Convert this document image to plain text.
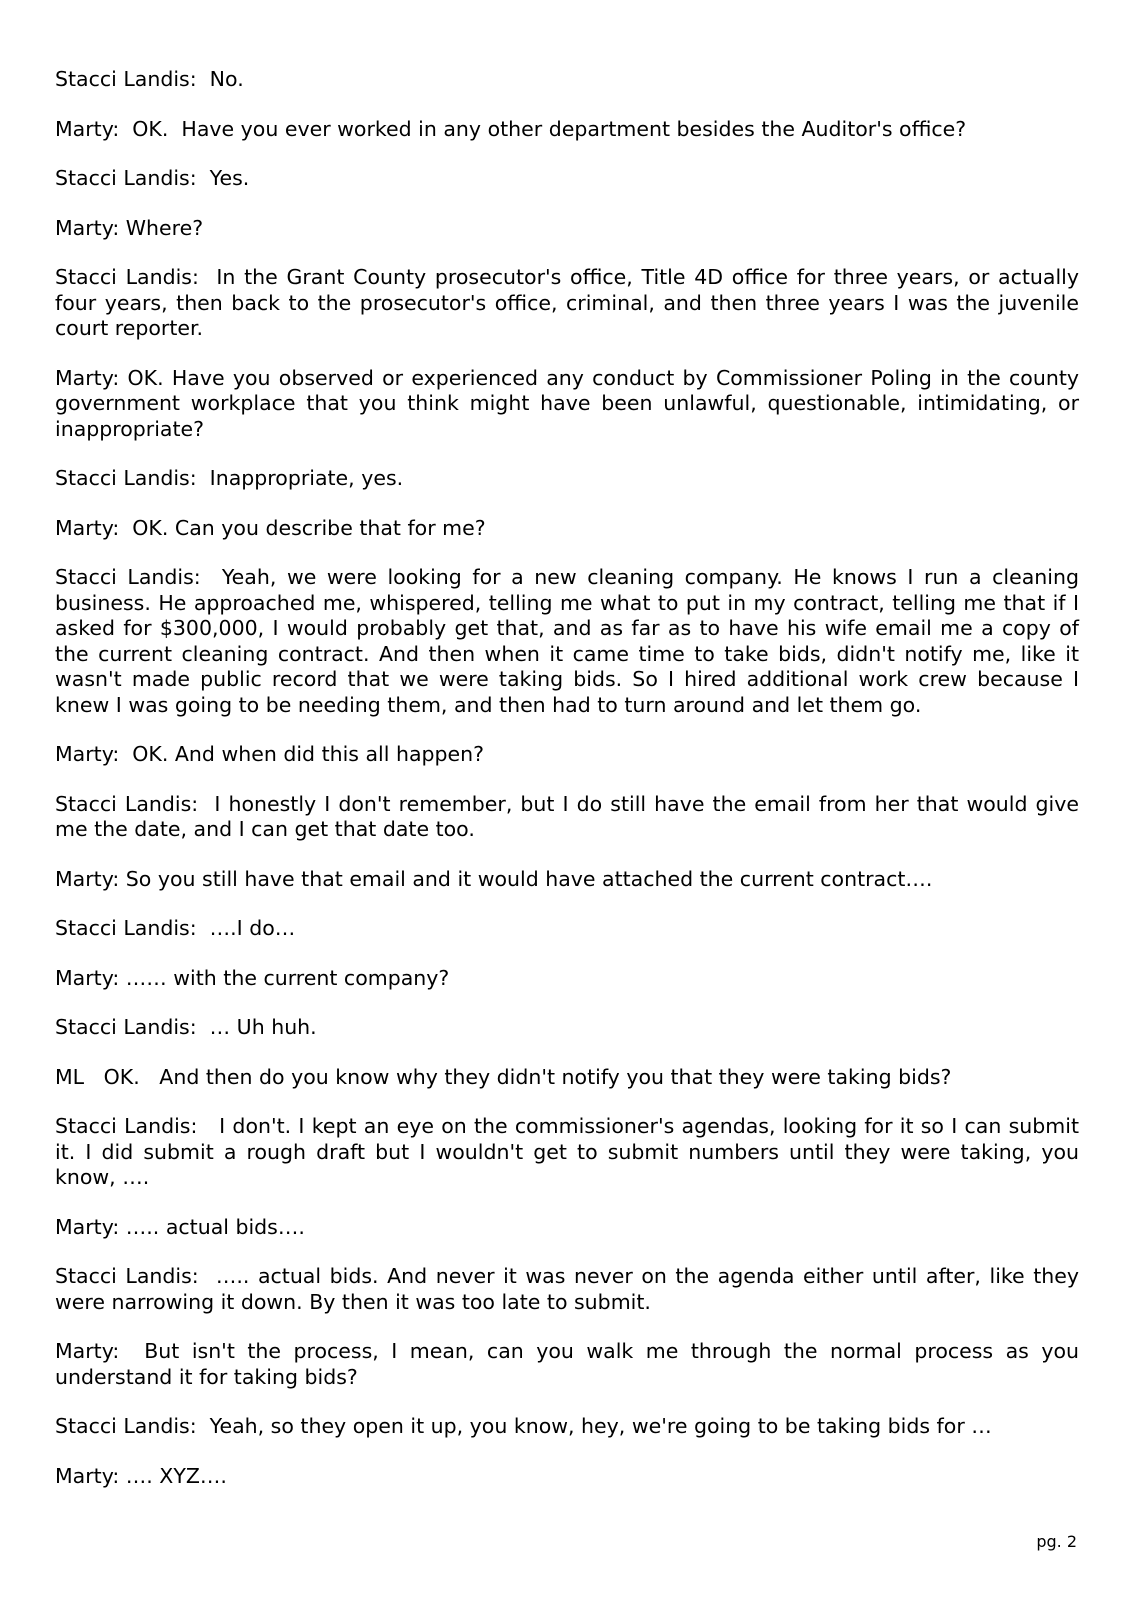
Stacci Landis:  No.

Marty:  OK.  Have you ever worked in any other department besides the Auditor's office?

Stacci Landis:  Yes.

Marty: Where?

Stacci Landis:  In the Grant County prosecutor's office, Title 4D office for three years, or actually four years, then back to the prosecutor's office, criminal, and then three years I was the juvenile court reporter.

Marty: OK. Have you observed or experienced any conduct by Commissioner Poling in the county government workplace that you think might have been unlawful, questionable, intimidating, or inappropriate?

Stacci Landis:  Inappropriate, yes.

Marty:  OK. Can you describe that for me?

Stacci Landis:  Yeah, we were looking for a new cleaning company. He knows I run a cleaning business. He approached me, whispered, telling me what to put in my contract, telling me that if I asked for $300,000, I would probably get that, and as far as to have his wife email me a copy of the current cleaning contract. And then when it came time to take bids, didn't notify me, like it wasn't made public record that we were taking bids. So I hired additional work crew because I knew I was going to be needing them, and then had to turn around and let them go.

Marty:  OK. And when did this all happen?

Stacci Landis:  I honestly I don't remember, but I do still have the email from her that would give me the date, and I can get that date too.

Marty: So you still have that email and it would have attached the current contract….

Stacci Landis:  ….I do…

Marty: …… with the current company?

Stacci Landis:  … Uh huh.

ML   OK.   And then do you know why they didn't notify you that they were taking bids?

Stacci Landis:   I don't. I kept an eye on the commissioner's agendas, looking for it so I can submit it. I did submit a rough draft but I wouldn't get to submit numbers until they were taking, you know, ….

Marty: ….. actual bids….

Stacci Landis:  ….. actual bids. And never it was never on the agenda either until after, like they were narrowing it down. By then it was too late to submit.

Marty:  But isn't the process, I mean, can you walk me through the normal process as you understand it for taking bids?

Stacci Landis:  Yeah, so they open it up, you know, hey, we're going to be taking bids for …

Marty: …. XYZ….

pg. 2
